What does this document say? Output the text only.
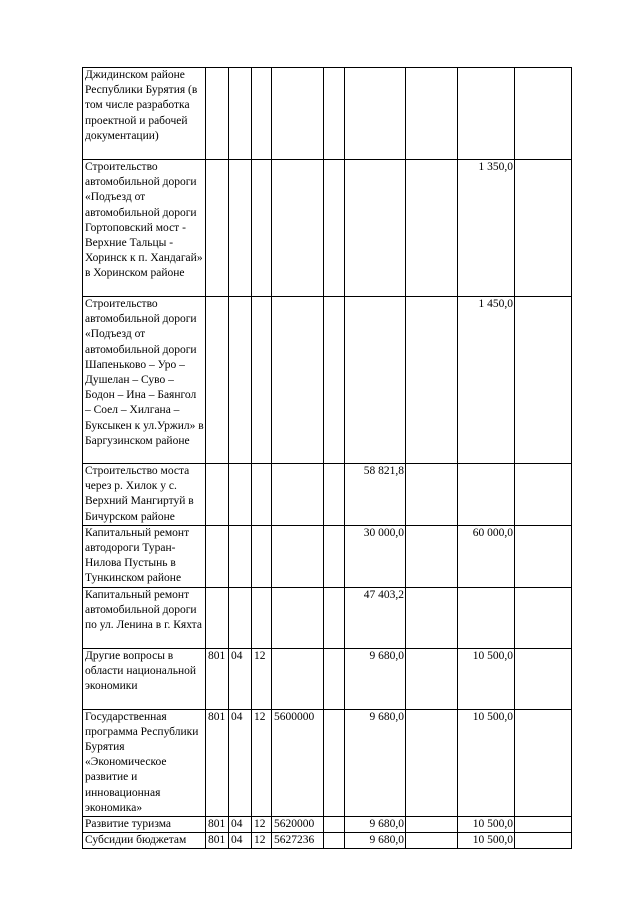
Джидинском районе Республики Бурятия (в том числе разработка проектной и рабочей документации)									
Строительство автомобильной дороги «Подъезд от автомобильной дороги Гортоповский мост - Верхние Тальцы - Хоринск к п. Хандагай» в Хоринском районе								1 350,0	
Строительство автомобильной дороги «Подъезд от автомобильной дороги Шапеньково – Уро – Душелан – Суво – Бодон – Ина – Баянгол – Соел – Хилгана – Буксыкен к ул.Уржил» в Баргузинском районе								1 450,0	
Строительство моста через р. Хилок у с. Верхний Мангиртуй в Бичурском районе						58 821,8			
Капитальный ремонт автодороги Туран-Нилова Пустынь в Тункинском районе						30 000,0		60 000,0	
Капитальный ремонт автомобильной дороги по ул. Ленина в г. Кяхта						47 403,2			
Другие вопросы в области национальной экономики	801	04	12			9 680,0		10 500,0	
Государственная программа Республики Бурятия «Экономическое развитие и инновационная экономика»	801	04	12	5600000		9 680,0		10 500,0	
Развитие туризма	801	04	12	5620000		9 680,0		10 500,0	
Субсидии бюджетам	801	04	12	5627236		9 680,0		10 500,0	
